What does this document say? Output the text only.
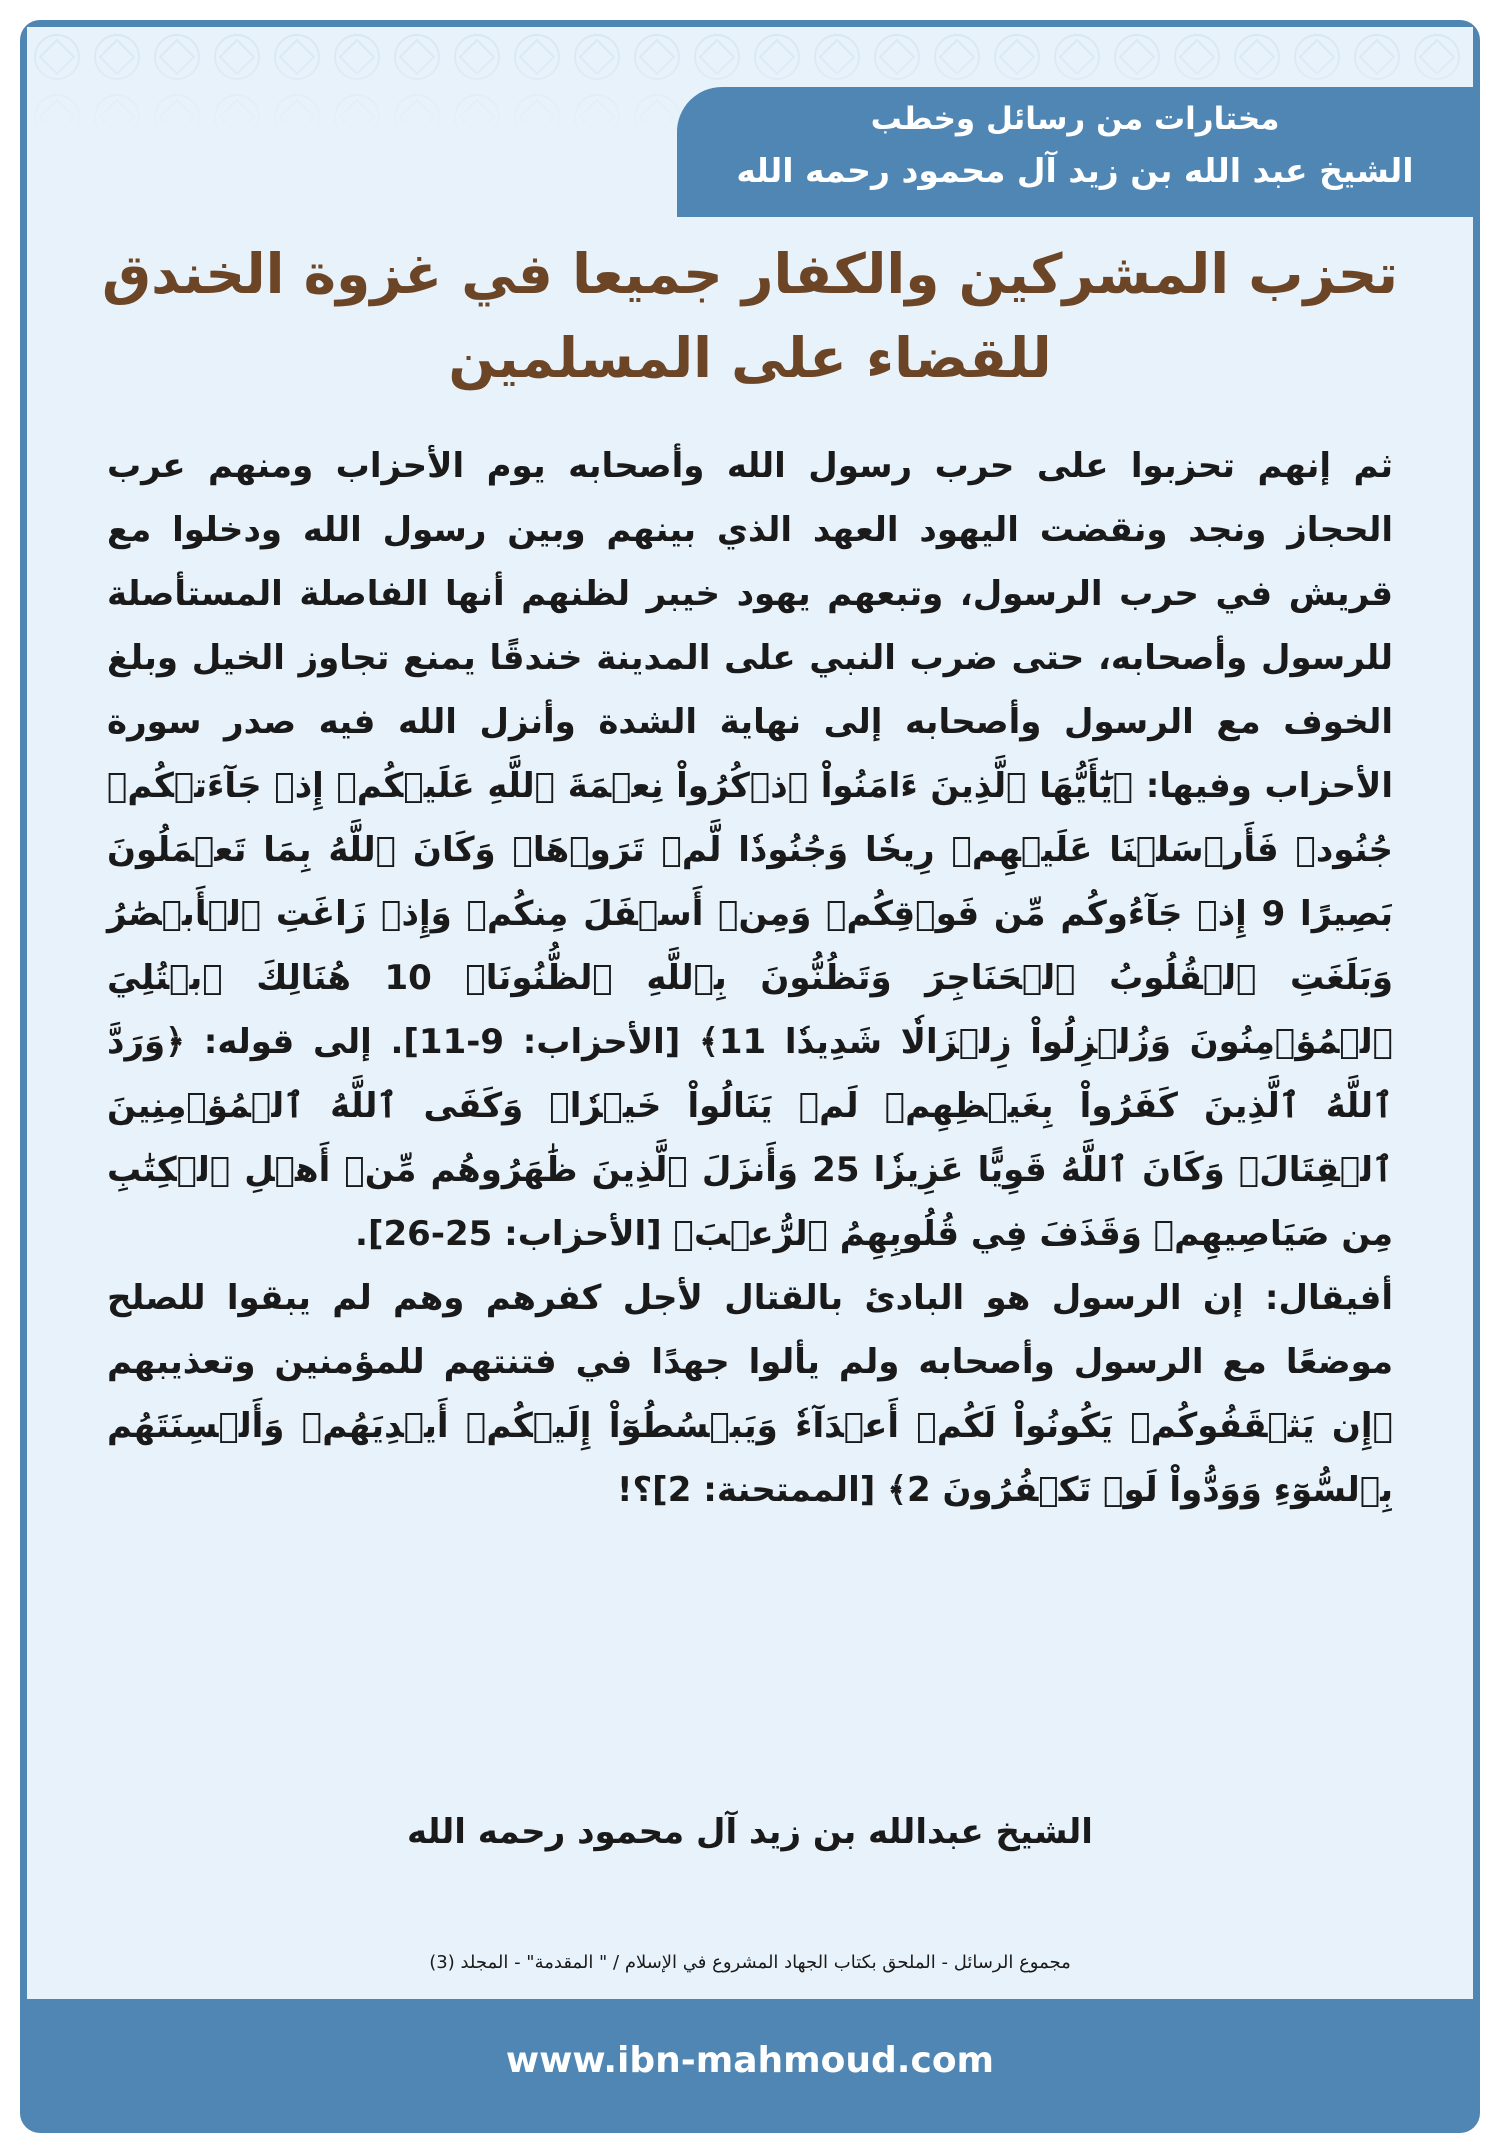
مختارات من رسائل وخطب
الشيخ عبد الله بن زيد آل محمود رحمه الله
تحزب المشركين والكفار جميعا في غزوة الخندق للقضاء على المسلمين

ثم إنهم تحزبوا على حرب رسول الله وأصحابه يوم الأحزاب ومنهم عرب الحجاز ونجد ونقضت اليهود العهد الذي بينهم وبين رسول الله ودخلوا مع قريش في حرب الرسول، وتبعهم يهود خيبر لظنهم أنها الفاصلة المستأصلة للرسول وأصحابه، حتى ضرب النبي على المدينة خندقًا يمنع تجاوز الخيل وبلغ الخوف مع الرسول وأصحابه إلى نهاية الشدة وأنزل الله فيه صدر سورة الأحزاب وفيها: ﴿يَٰٓأَيُّهَا ٱلَّذِينَ ءَامَنُواْ ٱذۡكُرُواْ نِعۡمَةَ ٱللَّهِ عَلَيۡكُمۡ إِذۡ جَآءَتۡكُمۡ جُنُودٞ فَأَرۡسَلۡنَا عَلَيۡهِمۡ رِيحٗا وَجُنُودٗا لَّمۡ تَرَوۡهَاۚ وَكَانَ ٱللَّهُ بِمَا تَعۡمَلُونَ بَصِيرًا 9 إِذۡ جَآءُوكُم مِّن فَوۡقِكُمۡ وَمِنۡ أَسۡفَلَ مِنكُمۡ وَإِذۡ زَاغَتِ ٱلۡأَبۡصَٰرُ وَبَلَغَتِ ٱلۡقُلُوبُ ٱلۡحَنَاجِرَ وَتَظُنُّونَ بِٱللَّهِ ٱلظُّنُونَا۠ 10 هُنَالِكَ ٱبۡتُلِيَ ٱلۡمُؤۡمِنُونَ وَزُلۡزِلُواْ زِلۡزَالٗا شَدِيدٗا 11﴾ [الأحزاب: 9-11]. إلى قوله: ﴿وَرَدَّ ٱللَّهُ ٱلَّذِينَ كَفَرُواْ بِغَيۡظِهِمۡ لَمۡ يَنَالُواْ خَيۡرٗاۚ وَكَفَى ٱللَّهُ ٱلۡمُؤۡمِنِينَ ٱلۡقِتَالَۚ وَكَانَ ٱللَّهُ قَوِيًّا عَزِيزٗا 25 وَأَنزَلَ ٱلَّذِينَ ظَٰهَرُوهُم مِّنۡ أَهۡلِ ٱلۡكِتَٰبِ مِن صَيَاصِيهِمۡ وَقَذَفَ فِي قُلُوبِهِمُ ٱلرُّعۡبَ﴾ [الأحزاب: 25-26].

أفيقال: إن الرسول هو البادئ بالقتال لأجل كفرهم وهم لم يبقوا للصلح موضعًا مع الرسول وأصحابه ولم يألوا جهدًا في فتنتهم للمؤمنين وتعذيبهم ﴿إِن يَثۡقَفُوكُمۡ يَكُونُواْ لَكُمۡ أَعۡدَآءٗ وَيَبۡسُطُوٓاْ إِلَيۡكُمۡ أَيۡدِيَهُمۡ وَأَلۡسِنَتَهُم بِٱلسُّوٓءِ وَوَدُّواْ لَوۡ تَكۡفُرُونَ 2﴾ [الممتحنة: 2]؟!

الشيخ عبدالله بن زيد آل محمود رحمه الله
مجموع الرسائل - الملحق بكتاب الجهاد المشروع في الإسلام / " المقدمة" - المجلد (3)
www.ibn-mahmoud.com
